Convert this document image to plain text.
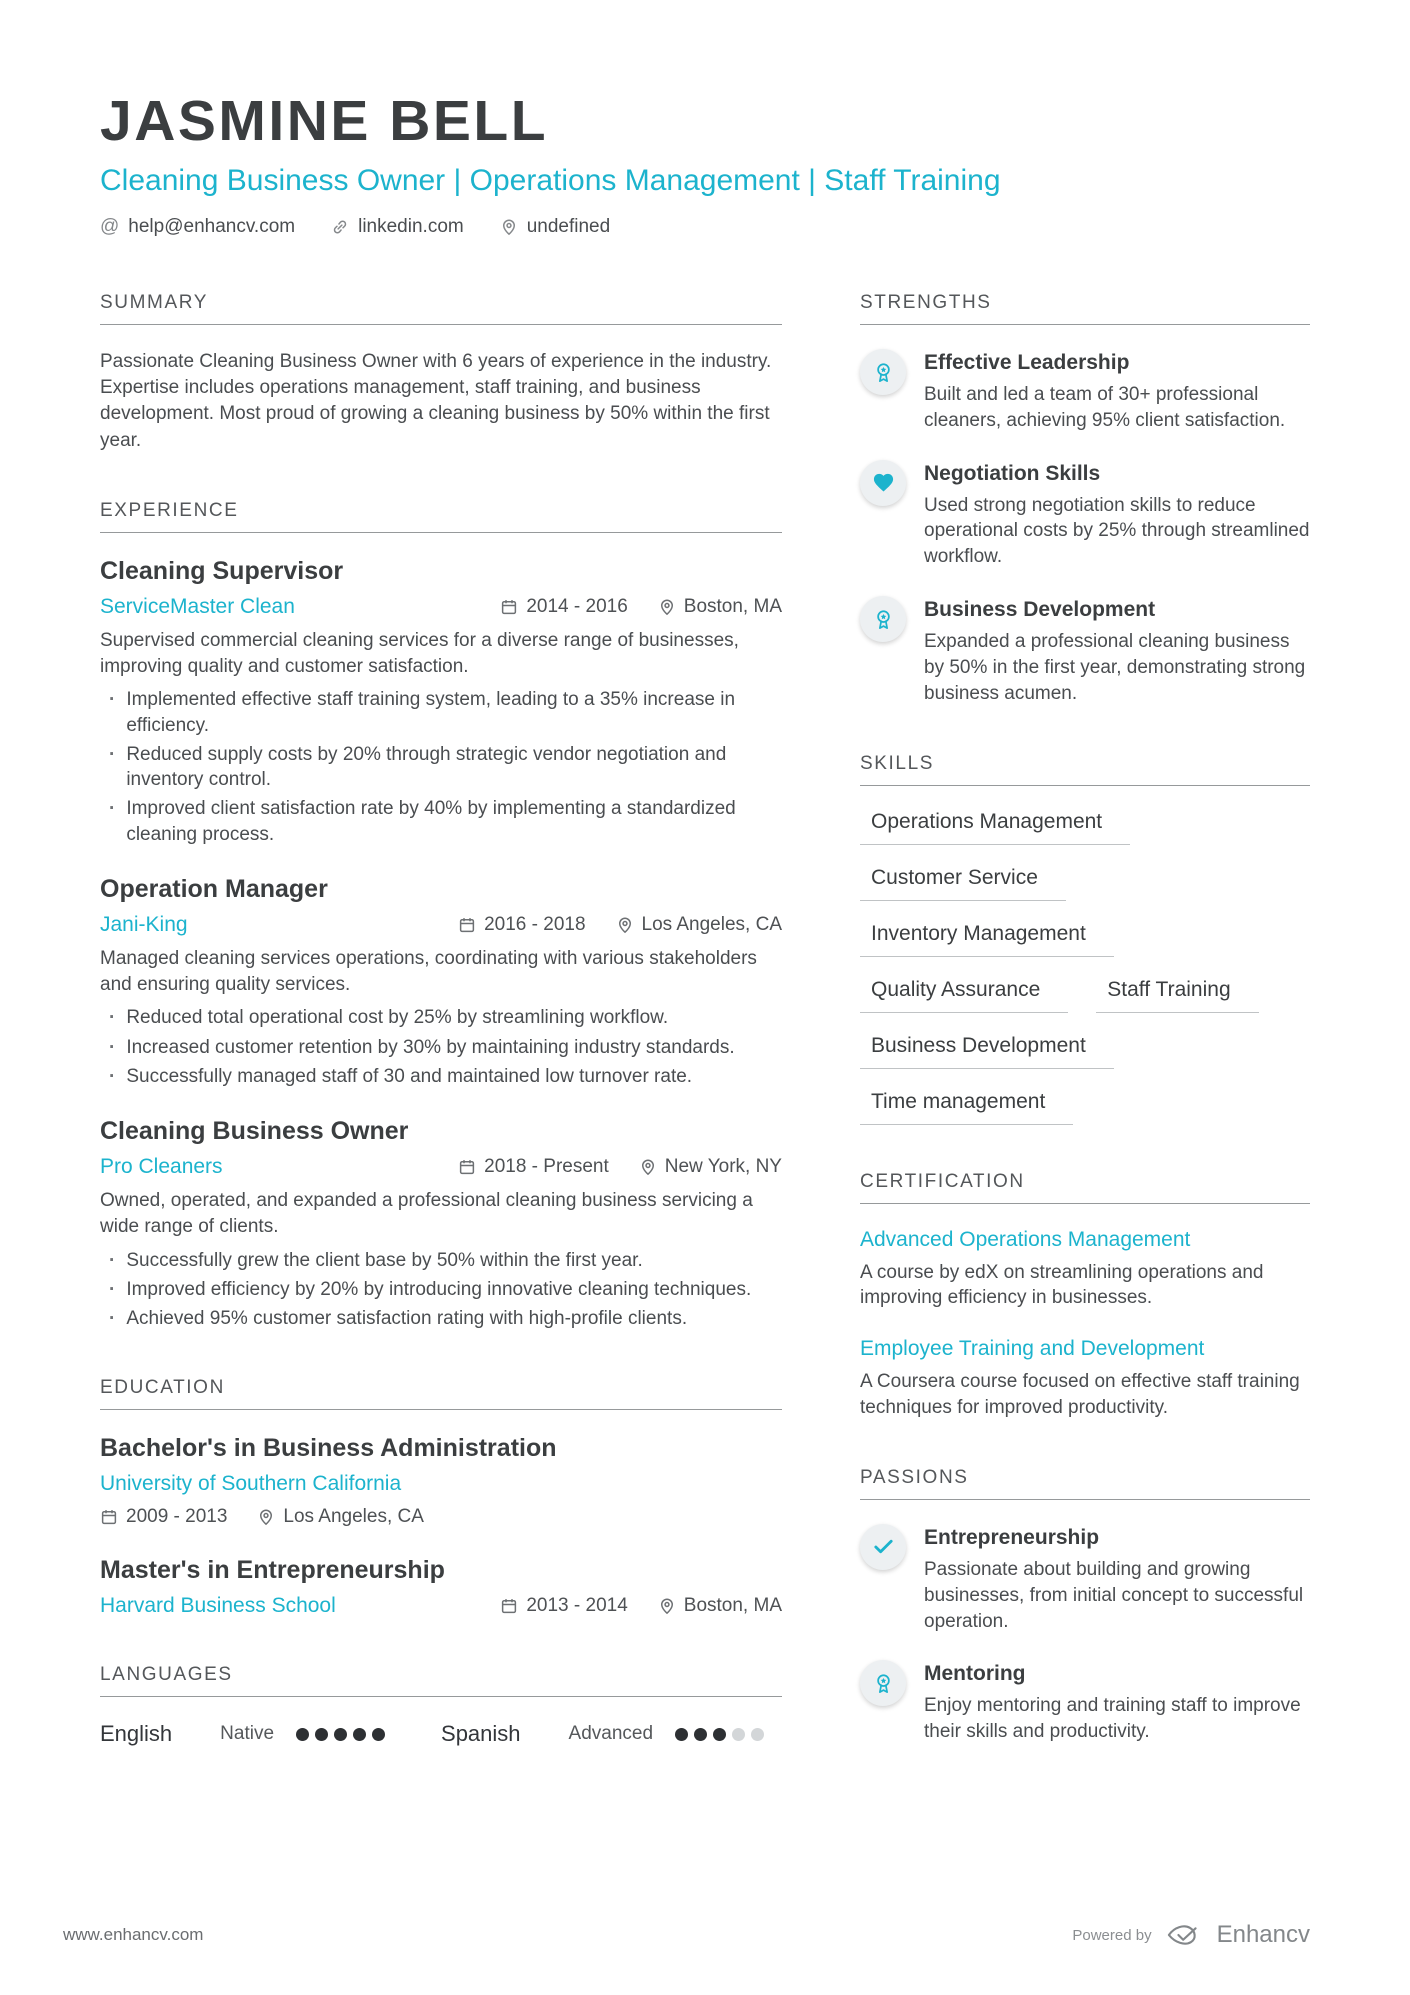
JASMINE BELL
Cleaning Business Owner | Operations Management | Staff Training
@ help@enhancv.com	linkedin.com	undefined
SUMMARY
Passionate Cleaning Business Owner with 6 years of experience in the industry. Expertise includes operations management, staff training, and business development. Most proud of growing a cleaning business by 50% within the first year.
EXPERIENCE
Cleaning Supervisor
ServiceMaster Clean	2014 - 2016	Boston, MA
Supervised commercial cleaning services for a diverse range of businesses, improving quality and customer satisfaction.
· Implemented effective staff training system, leading to a 35% increase in efficiency.
· Reduced supply costs by 20% through strategic vendor negotiation and inventory control.
· Improved client satisfaction rate by 40% by implementing a standardized cleaning process.
Operation Manager
Jani-King	2016 - 2018	Los Angeles, CA
Managed cleaning services operations, coordinating with various stakeholders and ensuring quality services.
· Reduced total operational cost by 25% by streamlining workflow.
· Increased customer retention by 30% by maintaining industry standards.
· Successfully managed staff of 30 and maintained low turnover rate.
Cleaning Business Owner
Pro Cleaners	2018 - Present	New York, NY
Owned, operated, and expanded a professional cleaning business servicing a wide range of clients.
· Successfully grew the client base by 50% within the first year.
· Improved efficiency by 20% by introducing innovative cleaning techniques.
· Achieved 95% customer satisfaction rating with high-profile clients.
EDUCATION
Bachelor's in Business Administration
University of Southern California
2009 - 2013	Los Angeles, CA
Master's in Entrepreneurship
Harvard Business School	2013 - 2014	Boston, MA
LANGUAGES
English	Native	Spanish	Advanced
STRENGTHS
Effective Leadership
Built and led a team of 30+ professional cleaners, achieving 95% client satisfaction.
Negotiation Skills
Used strong negotiation skills to reduce operational costs by 25% through streamlined workflow.
Business Development
Expanded a professional cleaning business by 50% in the first year, demonstrating strong business acumen.
SKILLS
Operations Management
Customer Service
Inventory Management
Quality Assurance	Staff Training
Business Development
Time management
CERTIFICATION
Advanced Operations Management
A course by edX on streamlining operations and improving efficiency in businesses.
Employee Training and Development
A Coursera course focused on effective staff training techniques for improved productivity.
PASSIONS
Entrepreneurship
Passionate about building and growing businesses, from initial concept to successful operation.
Mentoring
Enjoy mentoring and training staff to improve their skills and productivity.
www.enhancv.com	Powered by	Enhancv
